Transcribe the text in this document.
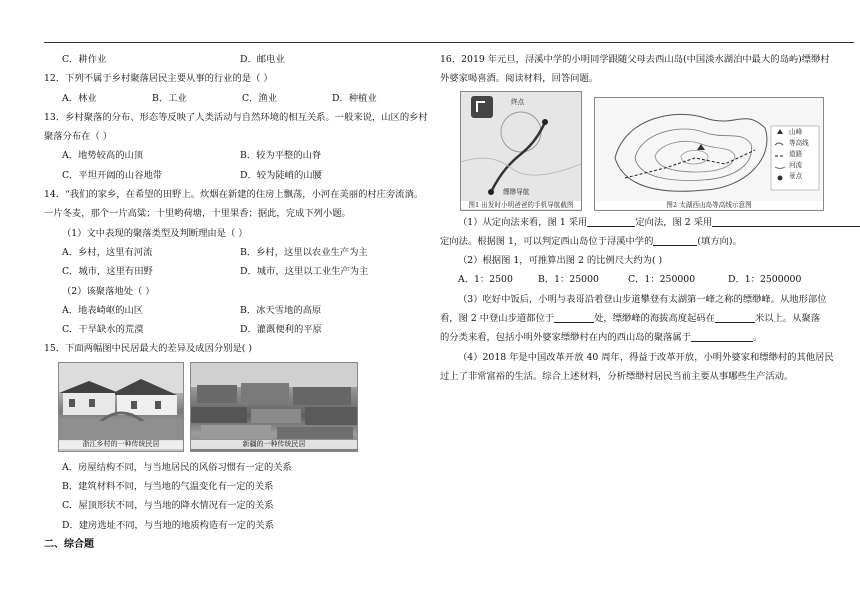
C．耕作业	D．邮电业
12．下列不属于乡村聚落居民主要从事的行业的是（ ）
A．林业	B．工业	C．渔业	D．种植业
13．乡村聚落的分布、形态等反映了人类活动与自然环境的相互关系。一般来说，山区的乡村
聚落分布在（ ）
A．地势较高的山顶	B．较为平整的山脊
C．平坦开阔的山谷地带	D．较为陡峭的山腰
14．“我们的家乡，在希望的田野上。炊烟在新建的住房上飘荡，小河在美丽的村庄旁流淌。
一片冬麦，那个一片高粱；十里哟荷塘，十里果香；据此，完成下列小题。
（1）文中表现的聚落类型及判断理由是（ ）
A．乡村，这里有河流	B．乡村，这里以农业生产为主
C．城市，这里有田野	D．城市，这里以工业生产为主
（2）该聚落地处（ ）
A．地表崎岖的山区	B．冰天雪地的高原
C．干旱缺水的荒漠	D．灌溉便利的平原
15．下面两幅图中民居最大的差异及成因分别是( )
浙江乡村的一种传统民居	新疆的一种传统民居
A．房屋结构不同，与当地居民的风俗习惯有一定的关系
B．建筑材料不同，与当地的气温变化有一定的关系
C．屋顶形状不同，与当地的降水情况有一定的关系
D．建房选址不同，与当地的地质构造有一定的关系
二、综合题
16．2019 年元旦，浔溪中学的小明同学跟随父母去西山岛(中国淡水湖泊中最大的岛屿)缥缈村
外婆家喝喜酒。阅读材料，回答问题。
终点
缥缈导航
图1 出发时小明爸爸的手机导航截图
山峰
等高线
道路
河流
景点
图2 太湖西山岛等高线示意图
（1）从定向法来看，图 1 采用	定向法，图 2 采用
定向法。根据图 1，可以判定西山岛位于浔溪中学的	(填方向)。
（2）根据图 1，可推算出图 2 的比例尺大约为( )
A．1：2500	B．1：25000	C．1：250000	D．1：2500000
（3）吃好中饭后，小明与表哥沿着登山步道攀登有太湖第一峰之称的缥缈峰。从地形部位
看，图 2 中登山步道都位于	处，缥缈峰的海拔高度起码在	米以上。从聚落
的分类来看，包括小明外婆家缥缈村在内的西山岛的聚落属于	。
（4）2018 年是中国改革开放 40 周年，得益于改革开放，小明外婆家和缥缈村的其他居民
过上了非常富裕的生活。综合上述材料，分析缥缈村居民当前主要从事哪些生产活动。
